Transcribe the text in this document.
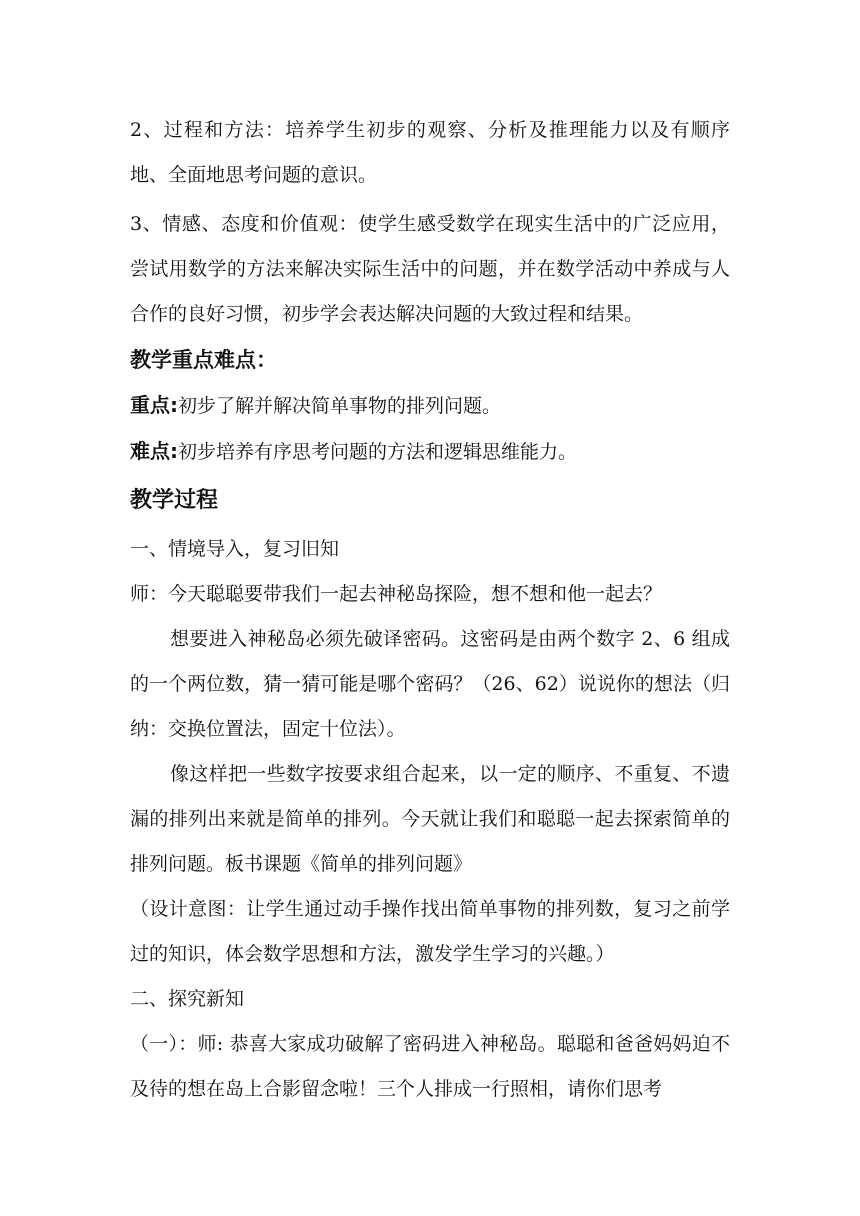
2、过程和方法：培养学生初步的观察、分析及推理能力以及有顺序地、全面地思考问题的意识。

3、情感、态度和价值观：使学生感受数学在现实生活中的广泛应用，尝试用数学的方法来解决实际生活中的问题，并在数学活动中养成与人合作的良好习惯，初步学会表达解决问题的大致过程和结果。

教学重点难点：

重点:初步了解并解决简单事物的排列问题。

难点:初步培养有序思考问题的方法和逻辑思维能力。

教学过程

一、情境导入，复习旧知

师：今天聪聪要带我们一起去神秘岛探险，想不想和他一起去？

想要进入神秘岛必须先破译密码。这密码是由两个数字 2、6 组成的一个两位数，猜一猜可能是哪个密码？（26、62）说说你的想法（归纳：交换位置法，固定十位法）。

像这样把一些数字按要求组合起来，以一定的顺序、不重复、不遗漏的排列出来就是简单的排列。今天就让我们和聪聪一起去探索简单的排列问题。板书课题《简单的排列问题》

（设计意图：让学生通过动手操作找出简单事物的排列数，复习之前学过的知识，体会数学思想和方法，激发学生学习的兴趣。）

二、探究新知

（一）：师: 恭喜大家成功破解了密码进入神秘岛。聪聪和爸爸妈妈迫不及待的想在岛上合影留念啦！三个人排成一行照相，请你们思考
